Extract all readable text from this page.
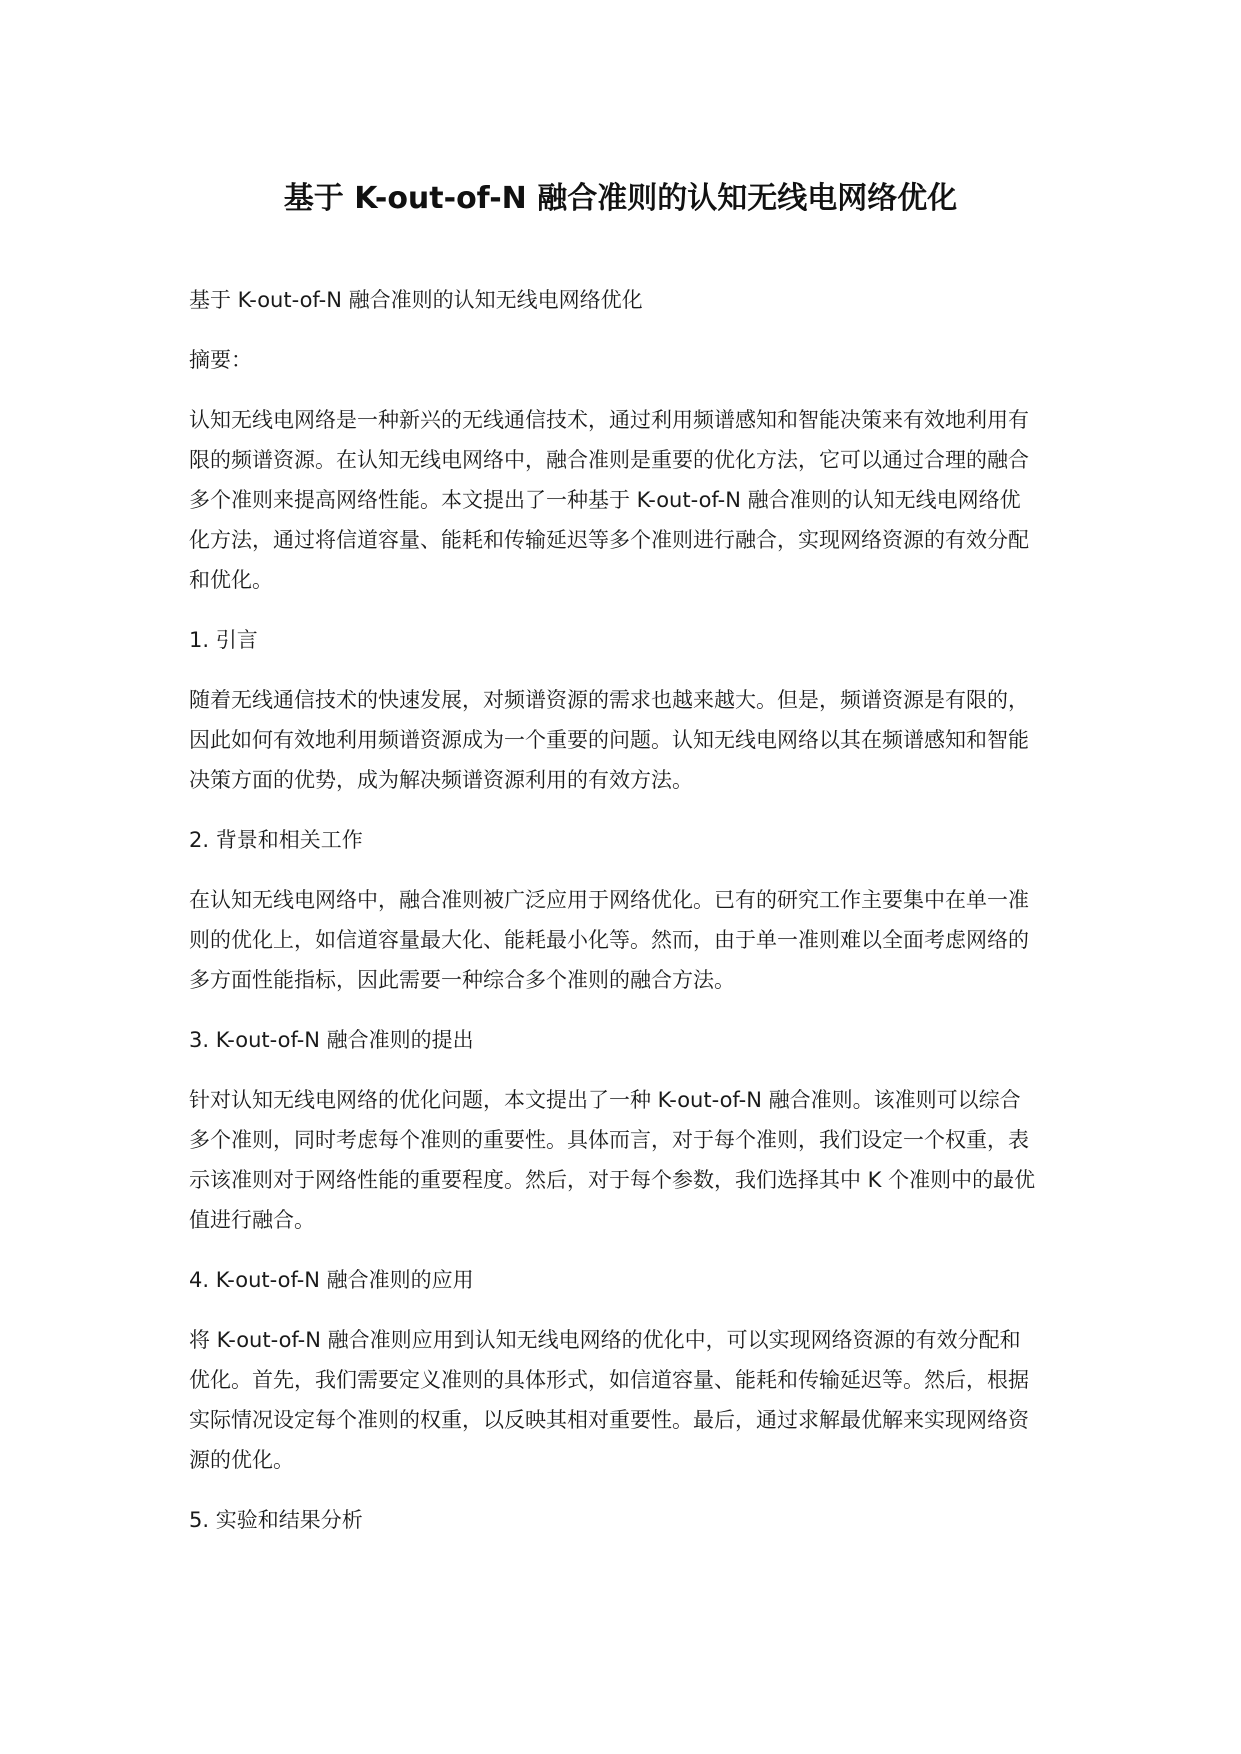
基于 K-out-of-N 融合准则的认知无线电网络优化

基于 K-out-of-N 融合准则的认知无线电网络优化

摘要：

认知无线电网络是一种新兴的无线通信技术，通过利用频谱感知和智能决策来有效地利用有限的频谱资源。在认知无线电网络中，融合准则是重要的优化方法，它可以通过合理的融合多个准则来提高网络性能。本文提出了一种基于 K-out-of-N 融合准则的认知无线电网络优化方法，通过将信道容量、能耗和传输延迟等多个准则进行融合，实现网络资源的有效分配和优化。

1. 引言

随着无线通信技术的快速发展，对频谱资源的需求也越来越大。但是，频谱资源是有限的，因此如何有效地利用频谱资源成为一个重要的问题。认知无线电网络以其在频谱感知和智能决策方面的优势，成为解决频谱资源利用的有效方法。

2. 背景和相关工作

在认知无线电网络中，融合准则被广泛应用于网络优化。已有的研究工作主要集中在单一准则的优化上，如信道容量最大化、能耗最小化等。然而，由于单一准则难以全面考虑网络的多方面性能指标，因此需要一种综合多个准则的融合方法。

3. K-out-of-N 融合准则的提出

针对认知无线电网络的优化问题，本文提出了一种 K-out-of-N 融合准则。该准则可以综合多个准则，同时考虑每个准则的重要性。具体而言，对于每个准则，我们设定一个权重，表示该准则对于网络性能的重要程度。然后，对于每个参数，我们选择其中 K 个准则中的最优值进行融合。

4. K-out-of-N 融合准则的应用

将 K-out-of-N 融合准则应用到认知无线电网络的优化中，可以实现网络资源的有效分配和优化。首先，我们需要定义准则的具体形式，如信道容量、能耗和传输延迟等。然后，根据实际情况设定每个准则的权重，以反映其相对重要性。最后，通过求解最优解来实现网络资源的优化。

5. 实验和结果分析
